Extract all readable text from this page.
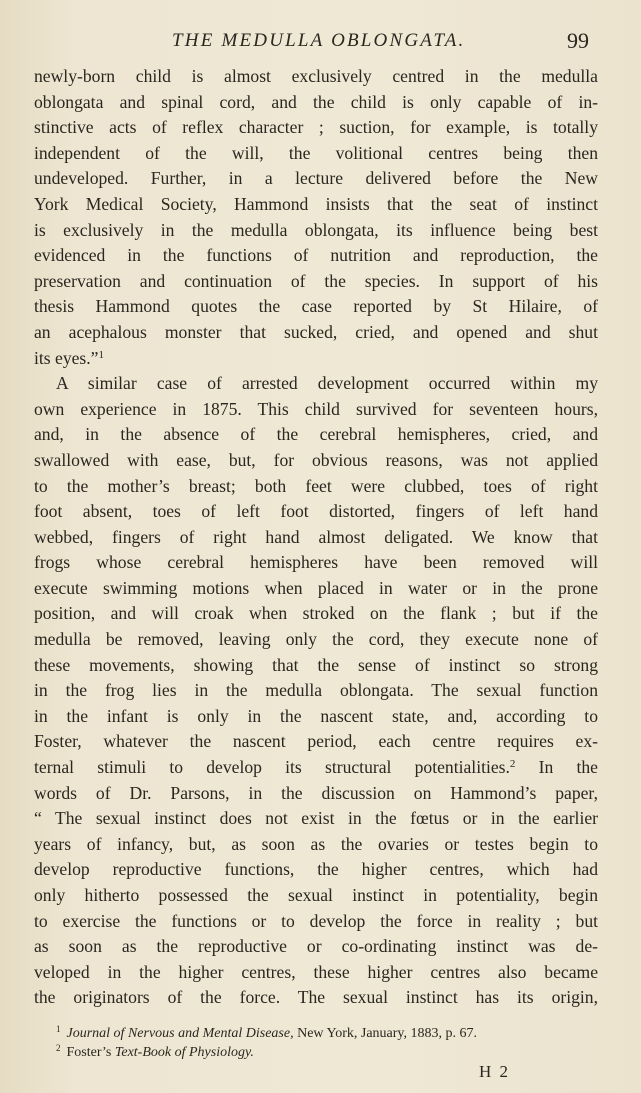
THE MEDULLA OBLONGATA.	99
newly-born child is almost exclusively centred in the medulla
oblongata and spinal cord, and the child is only capable of in-
stinctive acts of reflex character ; suction, for example, is totally
independent of the will, the volitional centres being then
undeveloped. Further, in a lecture delivered before the New
York Medical Society, Hammond insists that the seat of instinct
is exclusively in the medulla oblongata, its influence being best
evidenced in the functions of nutrition and reproduction, the
preservation and continuation of the species. In support of his
thesis Hammond quotes the case reported by St Hilaire, of
an acephalous monster that sucked, cried, and opened and shut
its eyes.”$^1$
A similar case of arrested development occurred within my
own experience in 1875. This child survived for seventeen hours,
and, in the absence of the cerebral hemispheres, cried, and
swallowed with ease, but, for obvious reasons, was not applied
to the mother’s breast; both feet were clubbed, toes of right
foot absent, toes of left foot distorted, fingers of left hand
webbed, fingers of right hand almost deligated. We know that
frogs whose cerebral hemispheres have been removed will
execute swimming motions when placed in water or in the prone
position, and will croak when stroked on the flank ; but if the
medulla be removed, leaving only the cord, they execute none of
these movements, showing that the sense of instinct so strong
in the frog lies in the medulla oblongata. The sexual function
in the infant is only in the nascent state, and, according to
Foster, whatever the nascent period, each centre requires ex-
ternal stimuli to develop its structural potentialities.$^2$ In the
words of Dr. Parsons, in the discussion on Hammond’s paper,
“ The sexual instinct does not exist in the fœtus or in the earlier
years of infancy, but, as soon as the ovaries or testes begin to
develop reproductive functions, the higher centres, which had
only hitherto possessed the sexual instinct in potentiality, begin
to exercise the functions or to develop the force in reality ; but
as soon as the reproductive or co-ordinating instinct was de-
veloped in the higher centres, these higher centres also became
the originators of the force. The sexual instinct has its origin,
$^1$ Journal of Nervous and Mental Disease, New York, January, 1883, p. 67.
$^2$ Foster’s Text-Book of Physiology.
H 2
